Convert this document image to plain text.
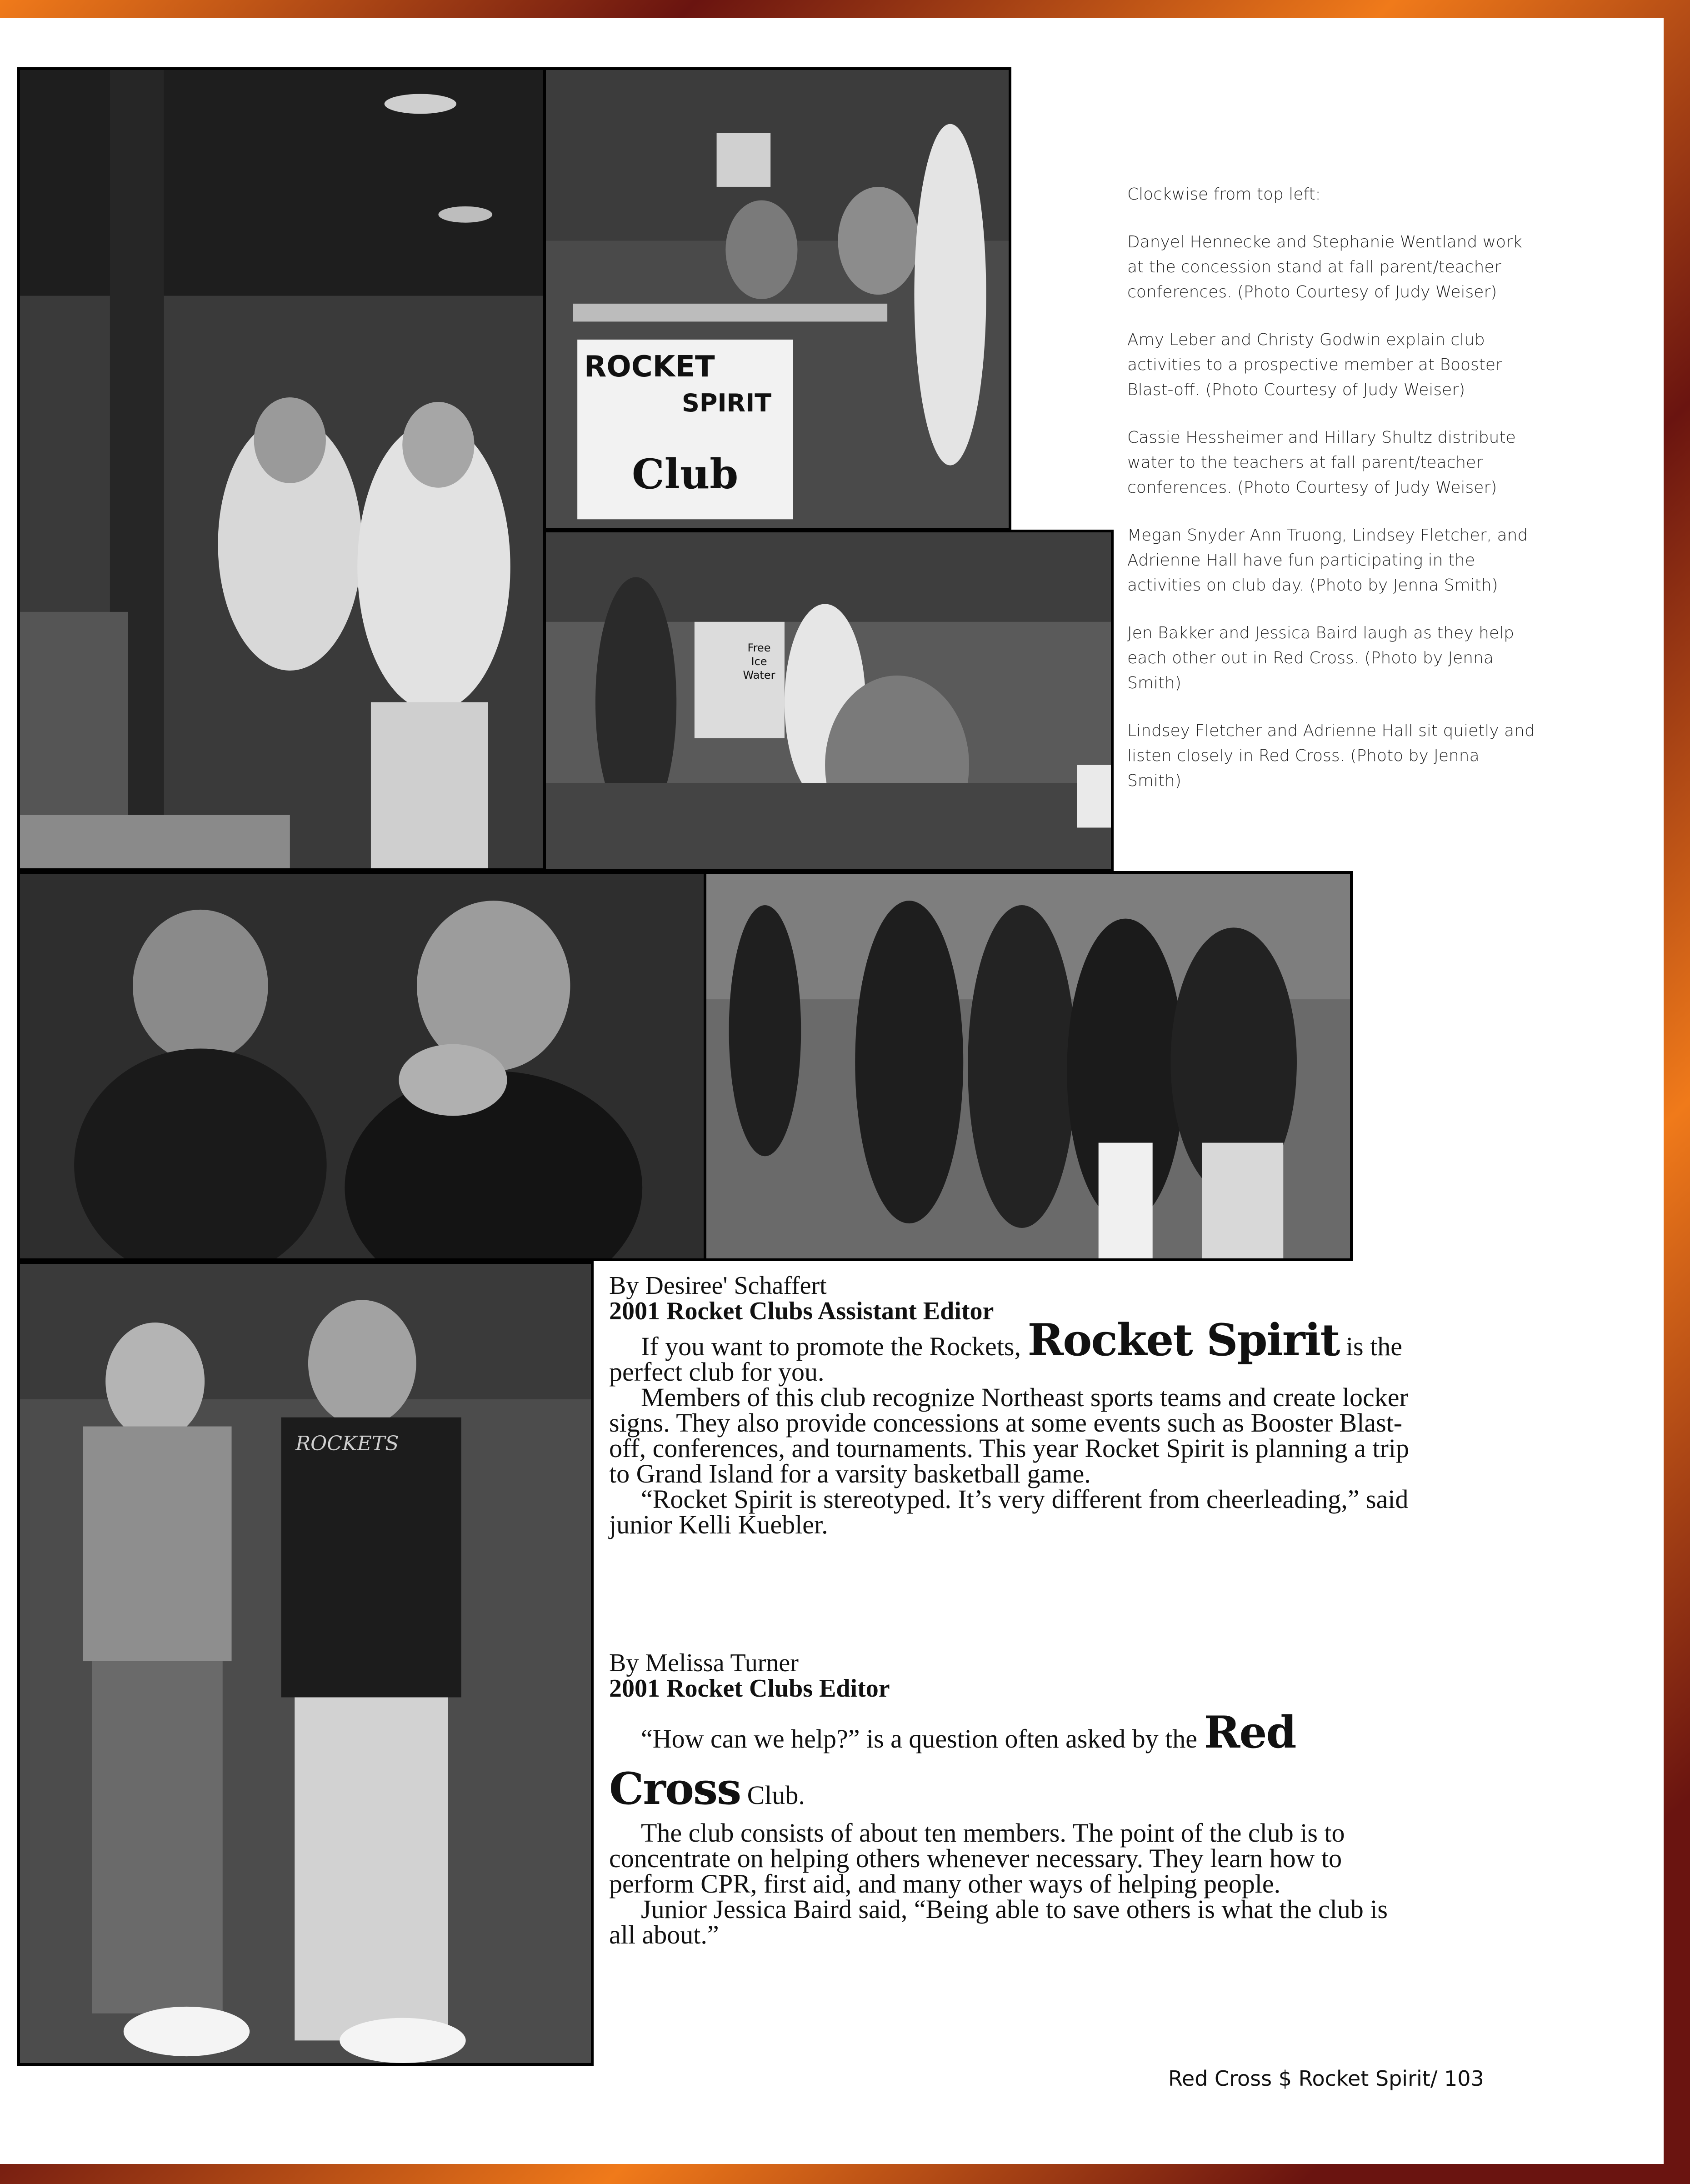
ROCKET
SPIRIT
Club
Free
Ice
Water
ROCKETS

Clockwise from top left:

Danyel Hennecke and Stephanie Wentland work at the concession stand at fall parent/teacher conferences. (Photo Courtesy of Judy Weiser)

Amy Leber and Christy Godwin explain club activities to a prospective member at Booster Blast-off. (Photo Courtesy of Judy Weiser)

Cassie Hessheimer and Hillary Shultz distribute water to the teachers at fall parent/teacher conferences. (Photo Courtesy of Judy Weiser)

Megan Snyder Ann Truong, Lindsey Fletcher, and Adrienne Hall have fun participating in the activities on club day. (Photo by Jenna Smith)

Jen Bakker and Jessica Baird laugh as they help each other out in Red Cross. (Photo by Jenna Smith)

Lindsey Fletcher and Adrienne Hall sit quietly and listen closely in Red Cross. (Photo by Jenna Smith)

By Desiree' Schaffert

2001 Rocket Clubs Assistant Editor

If you want to promote the Rockets, Rocket Spirit is the perfect club for you.

Members of this club recognize Northeast sports teams and create locker signs. They also provide concessions at some events such as Booster Blast-off, conferences, and tournaments. This year Rocket Spirit is planning a trip to Grand Island for a varsity basketball game.

“Rocket Spirit is stereotyped. It’s very different from cheerleading,” said junior Kelli Kuebler.

By Melissa Turner

2001 Rocket Clubs Editor

“How can we help?” is a question often asked by the Red Cross Club.

The club consists of about ten members. The point of the club is to concentrate on helping others whenever necessary. They learn how to perform CPR, first aid, and many other ways of helping people.

Junior Jessica Baird said, “Being able to save others is what the club is all about.”

Red Cross $ Rocket Spirit/ 103
